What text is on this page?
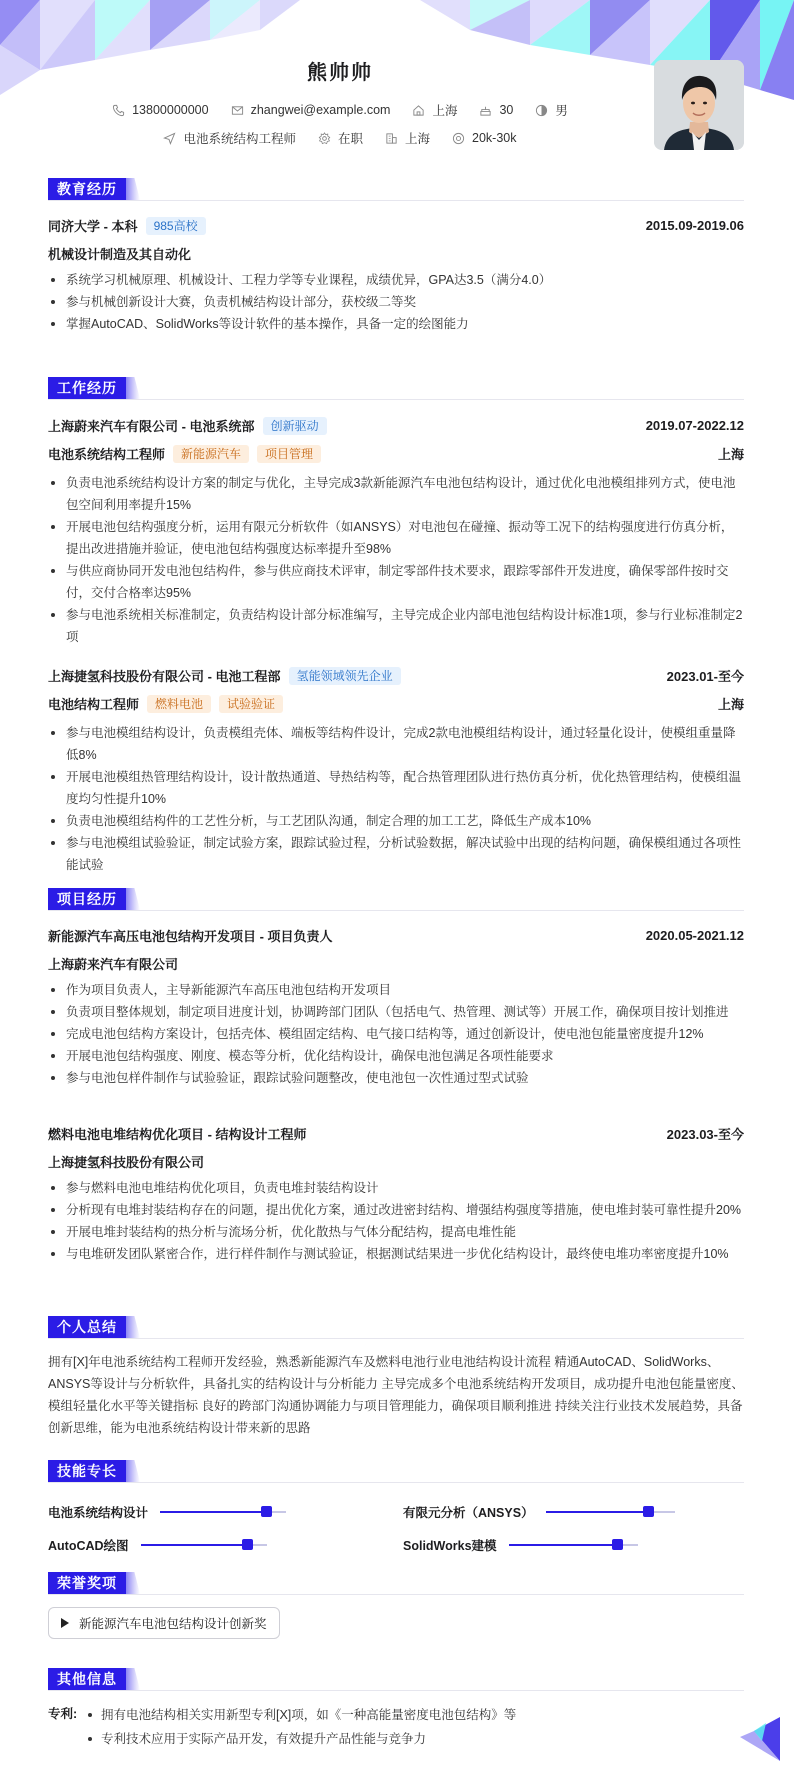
熊帅帅
13800000000	zhangwei@example.com	上海	30	男
电池系统结构工程师	在职	上海	20k-30k
教育经历
同济大学 - 本科	985高校	2015.09-2019.06
机械设计制造及其自动化
系统学习机械原理、机械设计、工程力学等专业课程，成绩优异，GPA达3.5（满分4.0）
参与机械创新设计大赛，负责机械结构设计部分，获校级二等奖
掌握AutoCAD、SolidWorks等设计软件的基本操作，具备一定的绘图能力
工作经历
上海蔚来汽车有限公司 - 电池系统部	创新驱动	2019.07-2022.12
电池系统结构工程师	新能源汽车	项目管理	上海
负责电池系统结构设计方案的制定与优化，主导完成3款新能源汽车电池包结构设计，通过优化电池模组排列方式，使电池包空间利用率提升15%
开展电池包结构强度分析，运用有限元分析软件（如ANSYS）对电池包在碰撞、振动等工况下的结构强度进行仿真分析，提出改进措施并验证，使电池包结构强度达标率提升至98%
与供应商协同开发电池包结构件，参与供应商技术评审，制定零部件技术要求，跟踪零部件开发进度，确保零部件按时交付，交付合格率达95%
参与电池系统相关标准制定，负责结构设计部分标准编写，主导完成企业内部电池包结构设计标准1项，参与行业标准制定2项
上海捷氢科技股份有限公司 - 电池工程部	氢能领域领先企业	2023.01-至今
电池结构工程师	燃料电池	试验验证	上海
参与电池模组结构设计，负责模组壳体、端板等结构件设计，完成2款电池模组结构设计，通过轻量化设计，使模组重量降低8%
开展电池模组热管理结构设计，设计散热通道、导热结构等，配合热管理团队进行热仿真分析，优化热管理结构，使模组温度均匀性提升10%
负责电池模组结构件的工艺性分析，与工艺团队沟通，制定合理的加工工艺，降低生产成本10%
参与电池模组试验验证，制定试验方案，跟踪试验过程，分析试验数据，解决试验中出现的结构问题，确保模组通过各项性能试验
项目经历
新能源汽车高压电池包结构开发项目 - 项目负责人	2020.05-2021.12
上海蔚来汽车有限公司
作为项目负责人，主导新能源汽车高压电池包结构开发项目
负责项目整体规划，制定项目进度计划，协调跨部门团队（包括电气、热管理、测试等）开展工作，确保项目按计划推进
完成电池包结构方案设计，包括壳体、模组固定结构、电气接口结构等，通过创新设计，使电池包能量密度提升12%
开展电池包结构强度、刚度、模态等分析，优化结构设计，确保电池包满足各项性能要求
参与电池包样件制作与试验验证，跟踪试验问题整改，使电池包一次性通过型式试验
燃料电池电堆结构优化项目 - 结构设计工程师	2023.03-至今
上海捷氢科技股份有限公司
参与燃料电池电堆结构优化项目，负责电堆封装结构设计
分析现有电堆封装结构存在的问题，提出优化方案，通过改进密封结构、增强结构强度等措施，使电堆封装可靠性提升20%
开展电堆封装结构的热分析与流场分析，优化散热与气体分配结构，提高电堆性能
与电堆研发团队紧密合作，进行样件制作与测试验证，根据测试结果进一步优化结构设计，最终使电堆功率密度提升10%
个人总结
拥有[X]年电池系统结构工程师开发经验，熟悉新能源汽车及燃料电池行业电池结构设计流程 精通AutoCAD、SolidWorks、ANSYS等设计与分析软件，具备扎实的结构设计与分析能力 主导完成多个电池系统结构开发项目，成功提升电池包能量密度、模组轻量化水平等关键指标 良好的跨部门沟通协调能力与项目管理能力，确保项目顺利推进 持续关注行业技术发展趋势，具备创新思维，能为电池系统结构设计带来新的思路
技能专长
电池系统结构设计	有限元分析（ANSYS）
AutoCAD绘图	SolidWorks建模
荣誉奖项
新能源汽车电池包结构设计创新奖
其他信息
专利:	拥有电池结构相关实用新型专利[X]项，如《一种高能量密度电池包结构》等
专利技术应用于实际产品开发，有效提升产品性能与竞争力
